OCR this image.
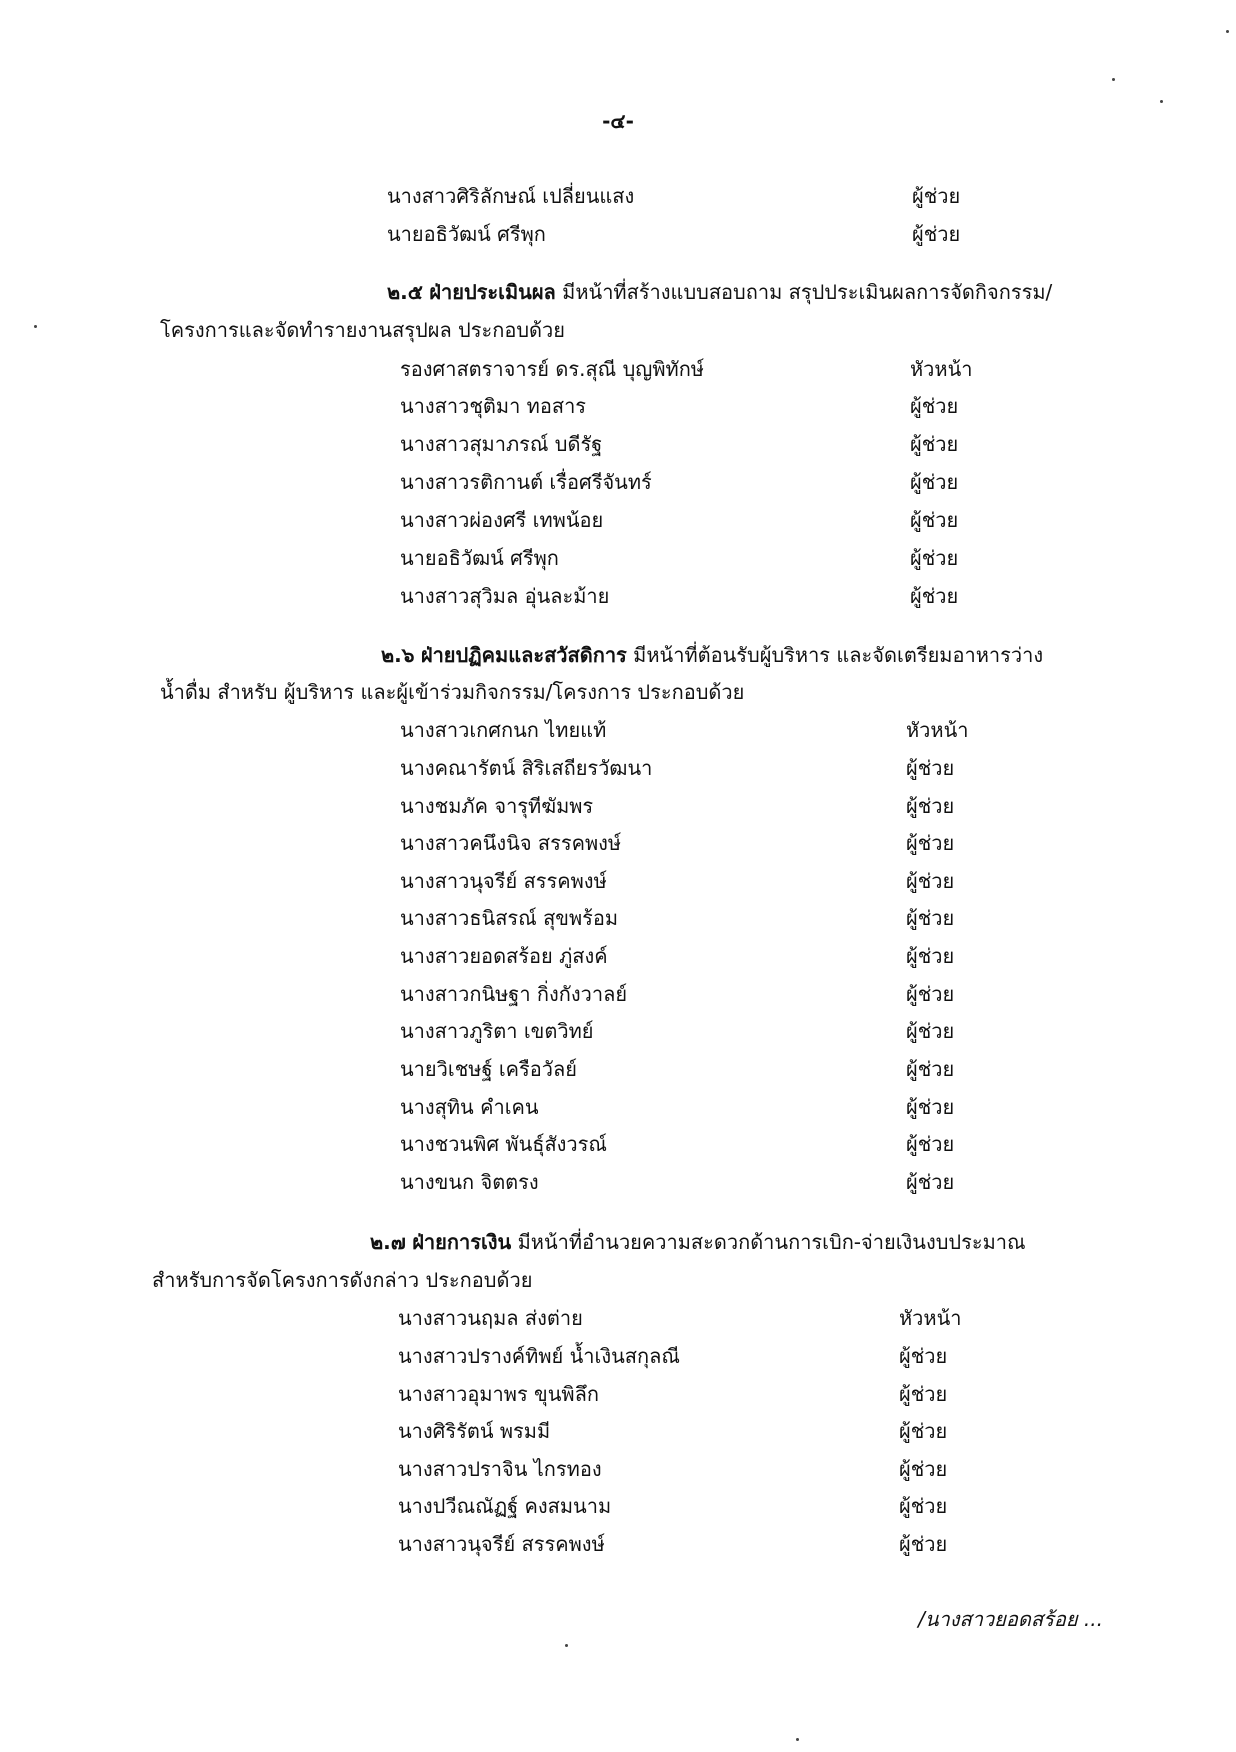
-๔-
นางสาวศิริลักษณ์ เปลี่ยนแสง	ผู้ช่วย
นายอธิวัฒน์ ศรีพุก	ผู้ช่วย
๒.๕ ฝ่ายประเมินผล มีหน้าที่สร้างแบบสอบถาม สรุปประเมินผลการจัดกิจกรรม/
โครงการและจัดทำรายงานสรุปผล ประกอบด้วย
รองศาสตราจารย์ ดร.สุณี บุญพิทักษ์	หัวหน้า
นางสาวชุติมา ทอสาร	ผู้ช่วย
นางสาวสุมาภรณ์ บดีรัฐ	ผู้ช่วย
นางสาวรติกานต์ เรื่อศรีจันทร์	ผู้ช่วย
นางสาวผ่องศรี เทพน้อย	ผู้ช่วย
นายอธิวัฒน์ ศรีพุก	ผู้ช่วย
นางสาวสุวิมล อุ่นละม้าย	ผู้ช่วย
๒.๖ ฝ่ายปฏิคมและสวัสดิการ มีหน้าที่ต้อนรับผู้บริหาร และจัดเตรียมอาหารว่าง
น้ำดื่ม สำหรับ ผู้บริหาร และผู้เข้าร่วมกิจกรรม/โครงการ ประกอบด้วย
นางสาวเกศกนก ไทยแท้	หัวหน้า
นางคณารัตน์ สิริเสถียรวัฒนา	ผู้ช่วย
นางชมภัค จารุทีฆัมพร	ผู้ช่วย
นางสาวคนึงนิจ สรรคพงษ์	ผู้ช่วย
นางสาวนุจรีย์ สรรคพงษ์	ผู้ช่วย
นางสาวธนิสรณ์ สุขพร้อม	ผู้ช่วย
นางสาวยอดสร้อย ภู่สงค์	ผู้ช่วย
นางสาวกนิษฐา กิ่งกังวาลย์	ผู้ช่วย
นางสาวภูริตา เขตวิทย์	ผู้ช่วย
นายวิเชษฐ์ เครือวัลย์	ผู้ช่วย
นางสุทิน คำเคน	ผู้ช่วย
นางชวนพิศ พันธุ์สังวรณ์	ผู้ช่วย
นางขนก จิตตรง	ผู้ช่วย
๒.๗ ฝ่ายการเงิน มีหน้าที่อำนวยความสะดวกด้านการเบิก-จ่ายเงินงบประมาณ
สำหรับการจัดโครงการดังกล่าว ประกอบด้วย
นางสาวนฤมล ส่งต่าย	หัวหน้า
นางสาวปรางค์ทิพย์ น้ำเงินสกุลณี	ผู้ช่วย
นางสาวอุมาพร ขุนพิลึก	ผู้ช่วย
นางศิริรัตน์ พรมมี	ผู้ช่วย
นางสาวปราจิน ไกรทอง	ผู้ช่วย
นางปวีณณัฏฐ์ คงสมนาม	ผู้ช่วย
นางสาวนุจรีย์ สรรคพงษ์	ผู้ช่วย
/นางสาวยอดสร้อย ...
